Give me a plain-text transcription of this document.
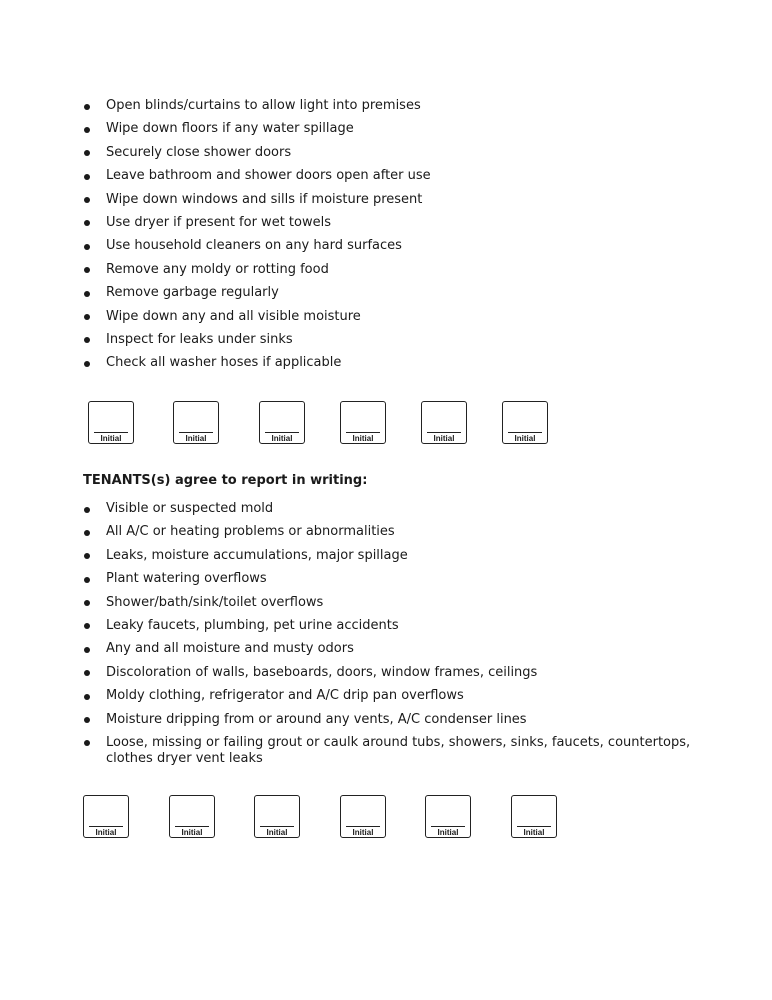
Open blinds/curtains to allow light into premises
Wipe down floors if any water spillage
Securely close shower doors
Leave bathroom and shower doors open after use
Wipe down windows and sills if moisture present
Use dryer if present for wet towels
Use household cleaners on any hard surfaces
Remove any moldy or rotting food
Remove garbage regularly
Wipe down any and all visible moisture
Inspect for leaks under sinks
Check all washer hoses if applicable
Initial	Initial	Initial	Initial	Initial	Initial
TENANTS(s) agree to report in writing:
Visible or suspected mold
All A/C or heating problems or abnormalities
Leaks, moisture accumulations, major spillage
Plant watering overflows
Shower/bath/sink/toilet overflows
Leaky faucets, plumbing, pet urine accidents
Any and all moisture and musty odors
Discoloration of walls, baseboards, doors, window frames, ceilings
Moldy clothing, refrigerator and A/C drip pan overflows
Moisture dripping from or around any vents, A/C condenser lines
Loose, missing or failing grout or caulk around tubs, showers, sinks, faucets, countertops, clothes dryer vent leaks
Initial	Initial	Initial	Initial	Initial	Initial
